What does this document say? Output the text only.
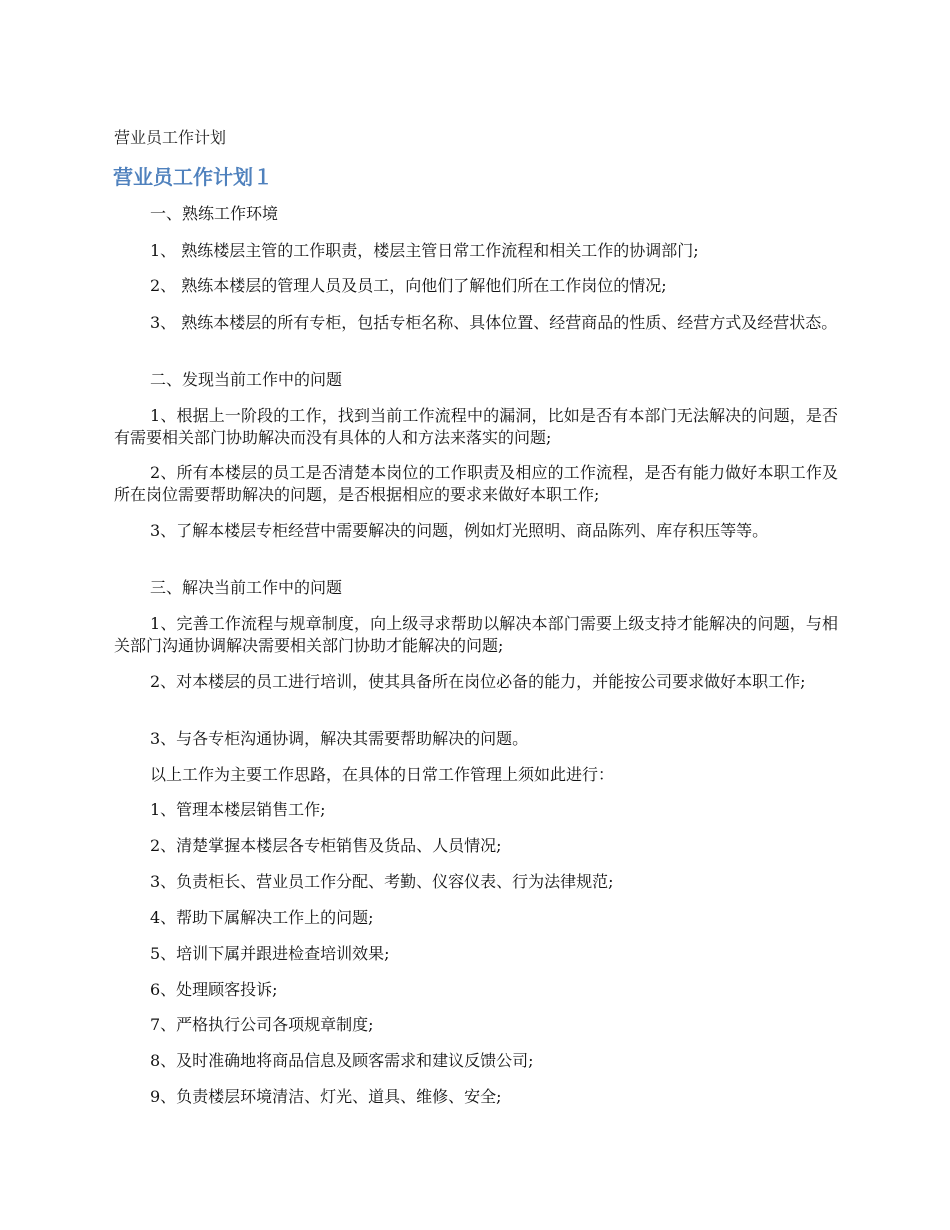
营业员工作计划
营业员工作计划１

一、熟练工作环境

1、 熟练楼层主管的工作职责，楼层主管日常工作流程和相关工作的协调部门;

2、 熟练本楼层的管理人员及员工，向他们了解他们所在工作岗位的情况;

3、 熟练本楼层的所有专柜，包括专柜名称、具体位置、经营商品的性质、经营方式及经营状态。

二、发现当前工作中的问题

1、根据上一阶段的工作，找到当前工作流程中的漏洞，比如是否有本部门无法解决的问题，是否有需要相关部门协助解决而没有具体的人和方法来落实的问题;

2、所有本楼层的员工是否清楚本岗位的工作职责及相应的工作流程，是否有能力做好本职工作及所在岗位需要帮助解决的问题，是否根据相应的要求来做好本职工作;

3、了解本楼层专柜经营中需要解决的问题，例如灯光照明、商品陈列、库存积压等等。

三、解决当前工作中的问题

1、完善工作流程与规章制度，向上级寻求帮助以解决本部门需要上级支持才能解决的问题，与相关部门沟通协调解决需要相关部门协助才能解决的问题;

2、对本楼层的员工进行培训，使其具备所在岗位必备的能力，并能按公司要求做好本职工作;

3、与各专柜沟通协调，解决其需要帮助解决的问题。

以上工作为主要工作思路，在具体的日常工作管理上须如此进行：

1、管理本楼层销售工作;

2、清楚掌握本楼层各专柜销售及货品、人员情况;

3、负责柜长、营业员工作分配、考勤、仪容仪表、行为法律规范;

4、帮助下属解决工作上的问题;

5、培训下属并跟进检查培训效果;

6、处理顾客投诉;

7、严格执行公司各项规章制度;

8、及时准确地将商品信息及顾客需求和建议反馈公司;

9、负责楼层环境清洁、灯光、道具、维修、安全;
